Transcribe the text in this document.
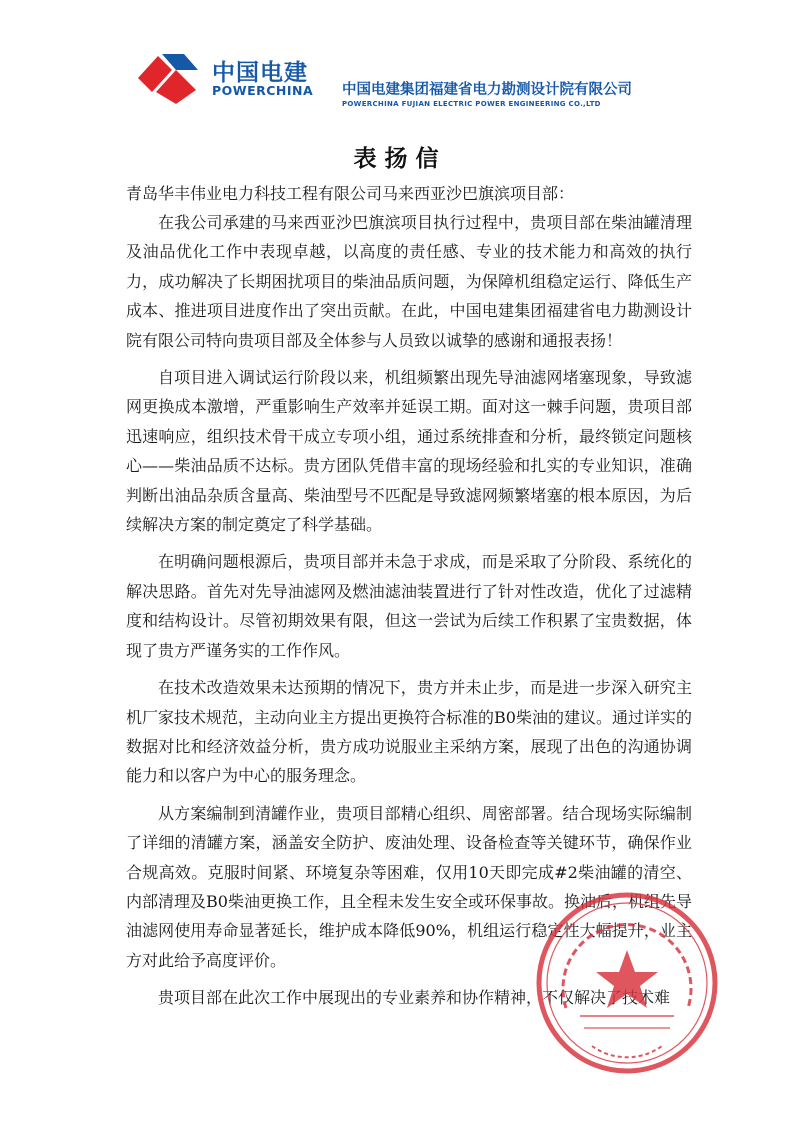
中国电建
POWERCHINA 中国电建集团福建省电力勘测设计院有限公司
POWERCHINA FUJIAN ELECTRIC POWER ENGINEERING CO.,LTD
表扬信
青岛华丰伟业电力科技工程有限公司马来西亚沙巴旗滨项目部：

在我公司承建的马来西亚沙巴旗滨项目执行过程中，贵项目部在柴油罐清理及油品优化工作中表现卓越，以高度的责任感、专业的技术能力和高效的执行力，成功解决了长期困扰项目的柴油品质问题，为保障机组稳定运行、降低生产成本、推进项目进度作出了突出贡献。在此，中国电建集团福建省电力勘测设计院有限公司特向贵项目部及全体参与人员致以诚挚的感谢和通报表扬！

自项目进入调试运行阶段以来，机组频繁出现先导油滤网堵塞现象，导致滤网更换成本激增，严重影响生产效率并延误工期。面对这一棘手问题，贵项目部迅速响应，组织技术骨干成立专项小组，通过系统排查和分析，最终锁定问题核心——柴油品质不达标。贵方团队凭借丰富的现场经验和扎实的专业知识，准确判断出油品杂质含量高、柴油型号不匹配是导致滤网频繁堵塞的根本原因，为后续解决方案的制定奠定了科学基础。

在明确问题根源后，贵项目部并未急于求成，而是采取了分阶段、系统化的解决思路。首先对先导油滤网及燃油滤油装置进行了针对性改造，优化了过滤精度和结构设计。尽管初期效果有限，但这一尝试为后续工作积累了宝贵数据，体现了贵方严谨务实的工作作风。

在技术改造效果未达预期的情况下，贵方并未止步，而是进一步深入研究主机厂家技术规范，主动向业主方提出更换符合标准的B0柴油的建议。通过详实的数据对比和经济效益分析，贵方成功说服业主采纳方案，展现了出色的沟通协调能力和以客户为中心的服务理念。

从方案编制到清罐作业，贵项目部精心组织、周密部署。结合现场实际编制了详细的清罐方案，涵盖安全防护、废油处理、设备检查等关键环节，确保作业合规高效。克服时间紧、环境复杂等困难，仅用10天即完成#2柴油罐的清空、内部清理及B0柴油更换工作，且全程未发生安全或环保事故。换油后，机组先导油滤网使用寿命显著延长，维护成本降低90%，机组运行稳定性大幅提升，业主方对此给予高度评价。

贵项目部在此次工作中展现出的专业素养和协作精神，不仅解决了技术难
